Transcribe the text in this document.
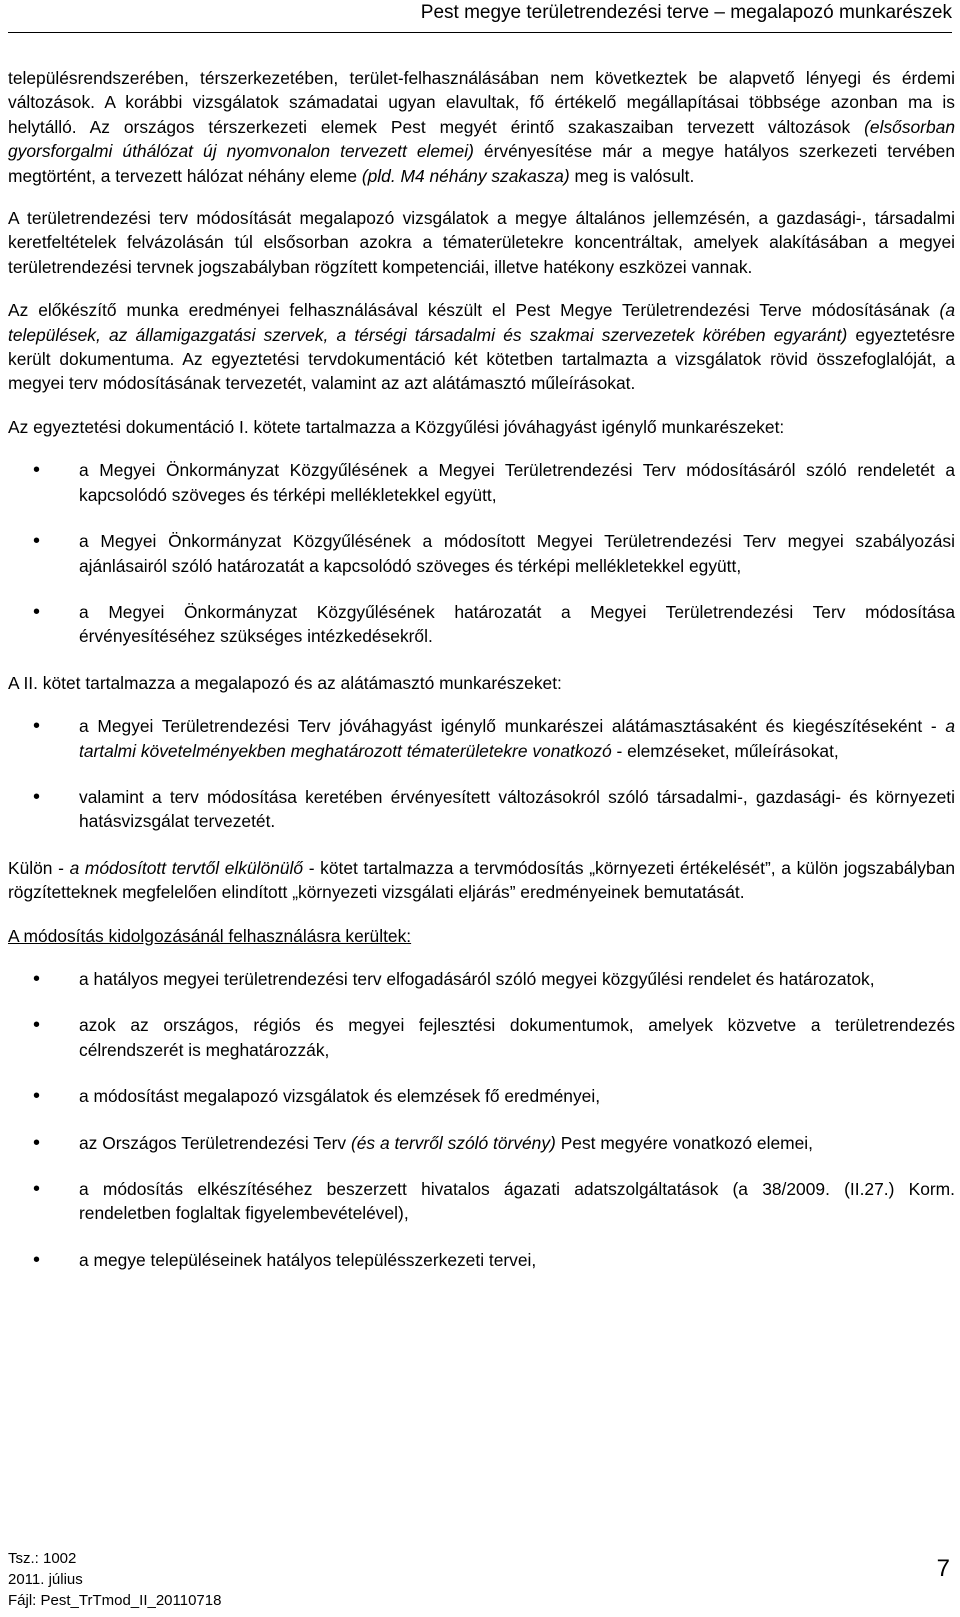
Pest megye területrendezési terve – megalapozó munkarészek

településrendszerében, térszerkezetében, terület-felhasználásában nem következtek be alapvető lényegi és érdemi változások. A korábbi vizsgálatok számadatai ugyan elavultak, fő értékelő megállapításai többsége azonban ma is helytálló. Az országos térszerkezeti elemek Pest megyét érintő szakaszaiban tervezett változások (elsősorban gyorsforgalmi úthálózat új nyomvonalon tervezett elemei) érvényesítése már a megye hatályos szerkezeti tervében megtörtént, a tervezett hálózat néhány eleme (pld. M4 néhány szakasza) meg is valósult.

A területrendezési terv módosítását megalapozó vizsgálatok a megye általános jellemzésén, a gazdasági-, társadalmi keretfeltételek felvázolásán túl elsősorban azokra a tématerületekre koncentráltak, amelyek alakításában a megyei területrendezési tervnek jogszabályban rögzített kompetenciái, illetve hatékony eszközei vannak.

Az előkészítő munka eredményei felhasználásával készült el Pest Megye Területrendezési Terve módosításának (a települések, az államigazgatási szervek, a térségi társadalmi és szakmai szervezetek körében egyaránt) egyeztetésre került dokumentuma. Az egyeztetési tervdokumentáció két kötetben tartalmazta a vizsgálatok rövid összefoglalóját, a megyei terv módosításának tervezetét, valamint az azt alátámasztó műleírásokat.

Az egyeztetési dokumentáció I. kötete tartalmazza a Közgyűlési jóváhagyást igénylő munkarészeket:

• a Megyei Önkormányzat Közgyűlésének a Megyei Területrendezési Terv módosításáról szóló rendeletét a kapcsolódó szöveges és térképi mellékletekkel együtt,
• a Megyei Önkormányzat Közgyűlésének a módosított Megyei Területrendezési Terv megyei szabályozási ajánlásairól szóló határozatát a kapcsolódó szöveges és térképi mellékletekkel együtt,
• a Megyei Önkormányzat Közgyűlésének határozatát a Megyei Területrendezési Terv módosítása érvényesítéséhez szükséges intézkedésekről.

A II. kötet tartalmazza a megalapozó és az alátámasztó munkarészeket:

• a Megyei Területrendezési Terv jóváhagyást igénylő munkarészei alátámasztásaként és kiegészítéseként - a tartalmi követelményekben meghatározott tématerületekre vonatkozó - elemzéseket, műleírásokat,
• valamint a terv módosítása keretében érvényesített változásokról szóló társadalmi-, gazdasági- és környezeti hatásvizsgálat tervezetét.

Külön - a módosított tervtől elkülönülő - kötet tartalmazza a tervmódosítás „környezeti értékelését”, a külön jogszabályban rögzítetteknek megfelelően elindított „környezeti vizsgálati eljárás” eredményeinek bemutatását.

A módosítás kidolgozásánál felhasználásra kerültek:

• a hatályos megyei területrendezési terv elfogadásáról szóló megyei közgyűlési rendelet és határozatok,
• azok az országos, régiós és megyei fejlesztési dokumentumok, amelyek közvetve a területrendezés célrendszerét is meghatározzák,
• a módosítást megalapozó vizsgálatok és elemzések fő eredményei,
• az Országos Területrendezési Terv (és a tervről szóló törvény) Pest megyére vonatkozó elemei,
• a módosítás elkészítéséhez beszerzett hivatalos ágazati adatszolgáltatások (a 38/2009. (II.27.) Korm. rendeletben foglaltak figyelembevételével),
• a megye településeinek hatályos településszerkezeti tervei,
Tsz.: 1002
2011. július
Fájl: Pest_TrTmod_II_20110718
7
